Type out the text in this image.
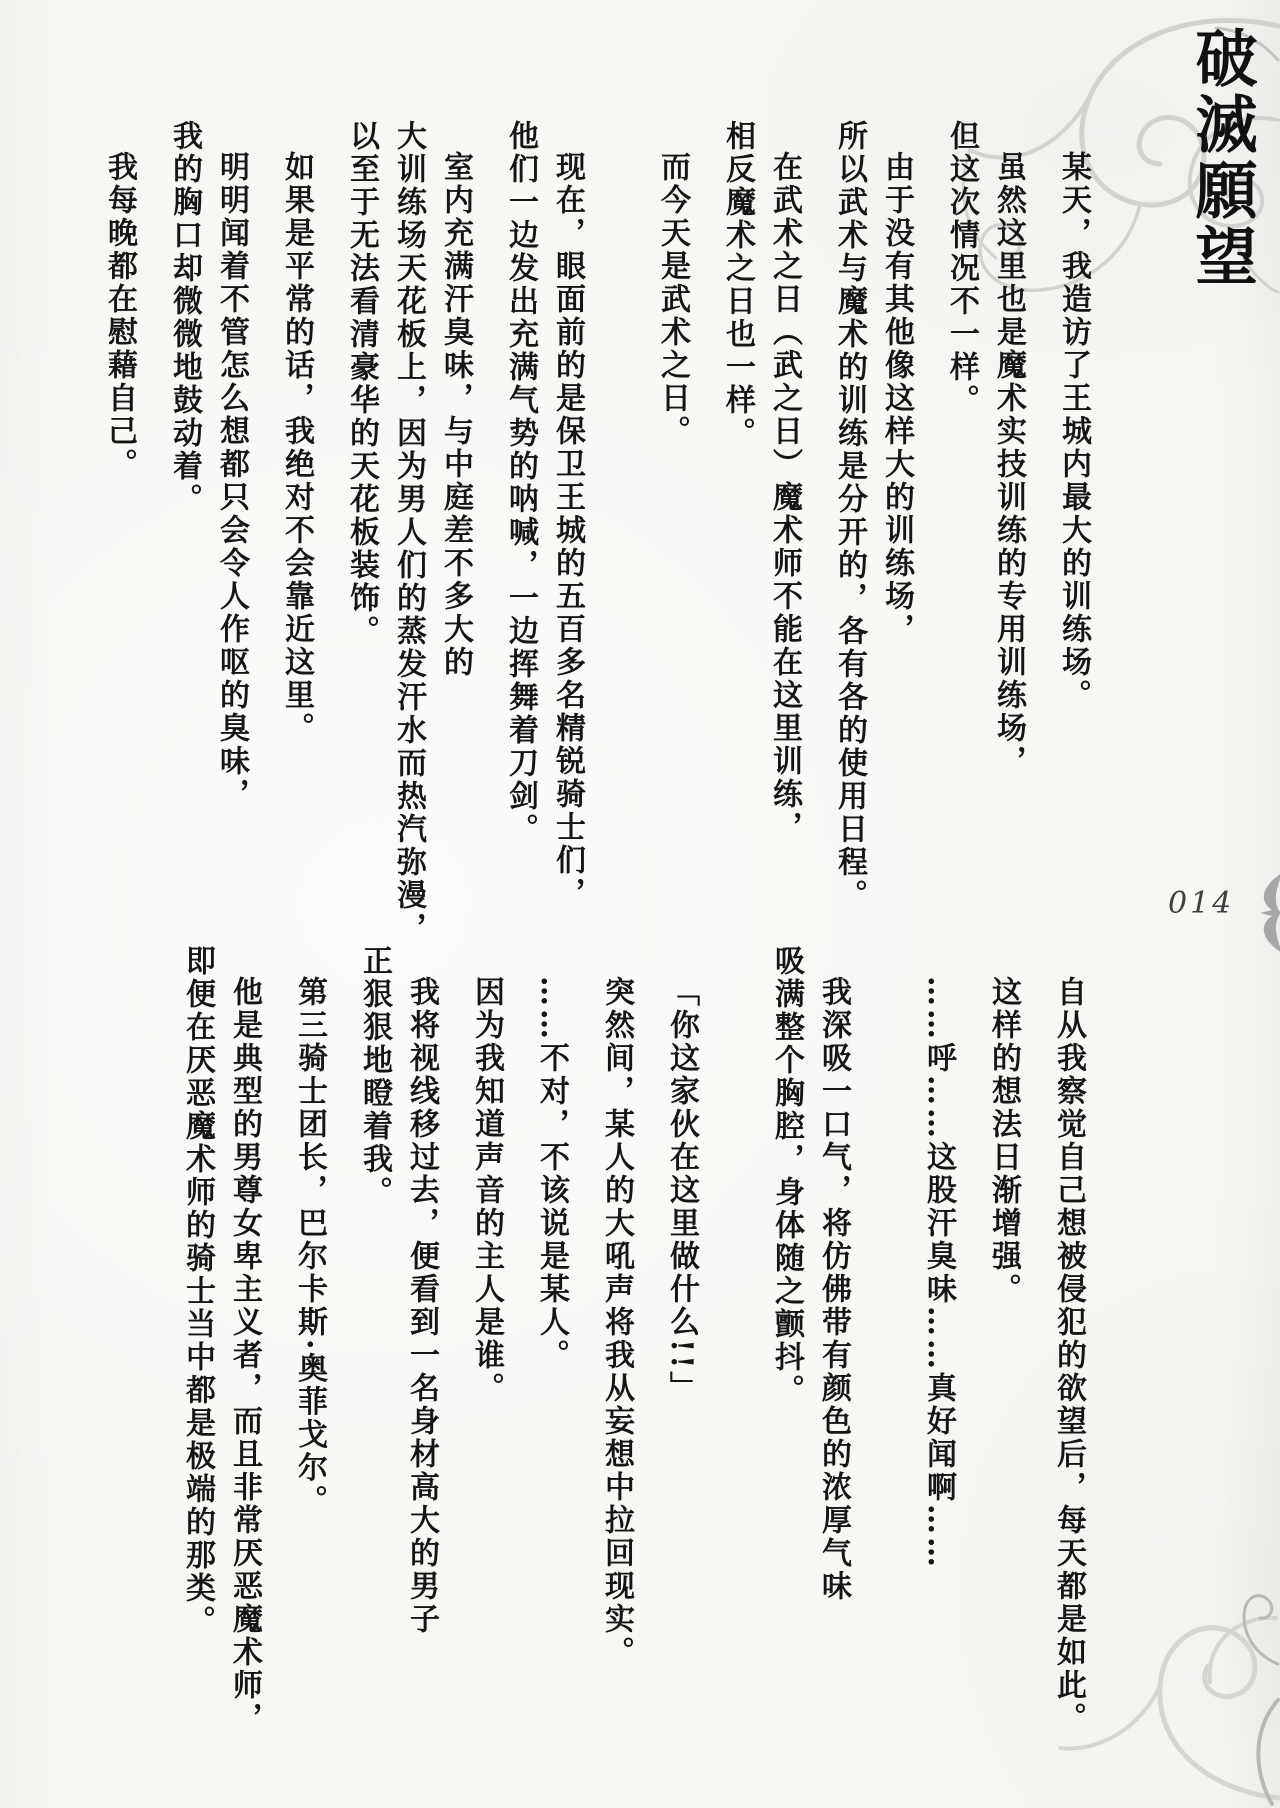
破滅願望
014
某天，我造访了王城内最大的训练场。
虽然这里也是魔术实技训练的专用训练场，
但这次情况不一样。
由于没有其他像这样大的训练场，
所以武术与魔术的训练是分开的，各有各的使用日程。
在武术之日（武之日）魔术师不能在这里训练，
相反魔术之日也一样。
而今天是武术之日。
现在，眼面前的是保卫王城的五百多名精锐骑士们，
他们一边发出充满气势的呐喊，一边挥舞着刀剑。
室内充满汗臭味，与中庭差不多大的
大训练场天花板上，因为男人们的蒸发汗水而热汽弥漫，
以至于无法看清豪华的天花板装饰。
如果是平常的话，我绝对不会靠近这里。
明明闻着不管怎么想都只会令人作呕的臭味，
我的胸口却微微地鼓动着。
我每晚都在慰藉自己。
自从我察觉自己想被侵犯的欲望后，每天都是如此。
这样的想法日渐增强。
……呼……这股汗臭味……真好闻啊……
我深吸一口气，将仿佛带有颜色的浓厚气味
吸满整个胸腔，身体随之颤抖。
「你这家伙在这里做什么!!」
突然间，某人的大吼声将我从妄想中拉回现实。
……不对，不该说是某人。
因为我知道声音的主人是谁。
我将视线移过去，便看到一名身材高大的男子
正狠狠地瞪着我。
第三骑士团长，巴尔卡斯·奥菲戈尔。
他是典型的男尊女卑主义者，而且非常厌恶魔术师，
即便在厌恶魔术师的骑士当中都是极端的那类。
